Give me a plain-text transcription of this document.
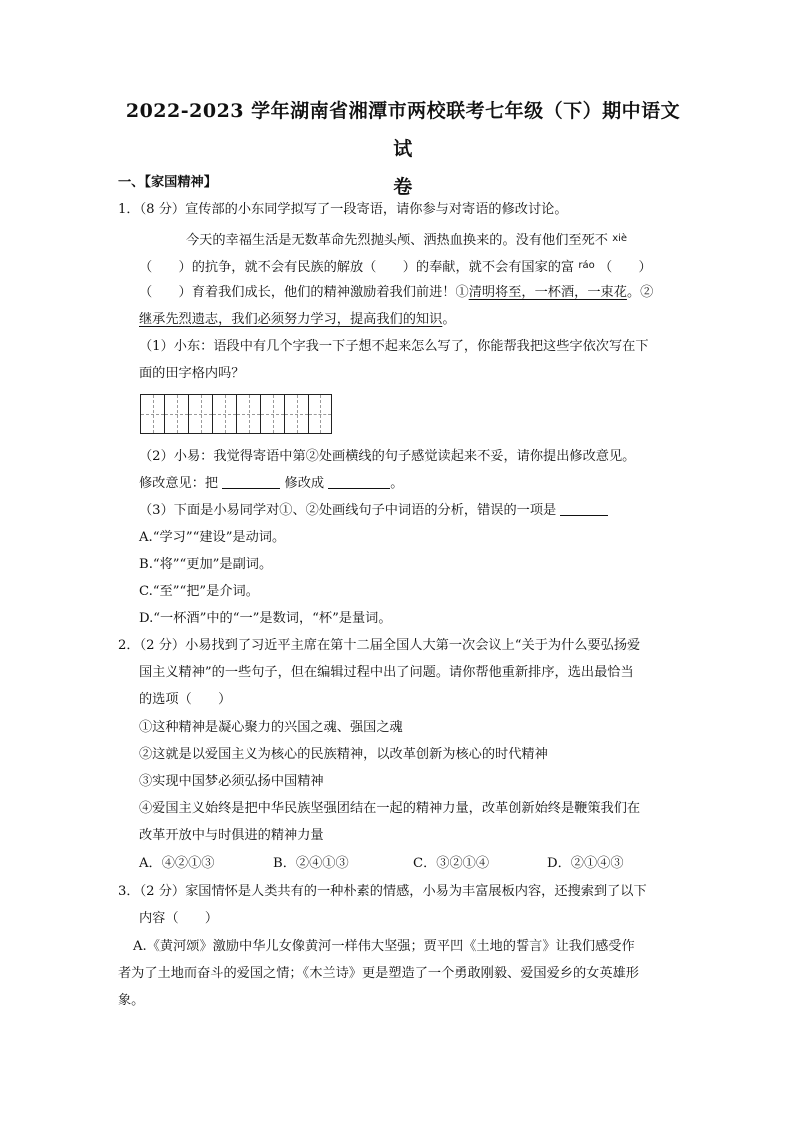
2022-2023 学年湖南省湘潭市两校联考七年级（下）期中语文试
卷
一、【家国精神】
1．（8 分）宣传部的小东同学拟写了一段寄语，请你参与对寄语的修改讨论。
今天的幸福生活是无数革命先烈抛头颅、洒热血换来的。没有他们至死不 $^{xiè}$
（　　）的抗争，就不会有民族的解放（　　）的奉献，就不会有国家的富 $^{ráo}$ （　　）
（　　）育着我们成长，他们的精神激励着我们前进！①清明将至，一杯酒，一束花。②
继承先烈遗志，我们必须努力学习，提高我们的知识。
（1）小东：语段中有几个字我一下子想不起来怎么写了，你能帮我把这些字依次写在下
面的田字格内吗？
（2）小易：我觉得寄语中第②处画横线的句子感觉读起来不妥，请你提出修改意见。
修改意见：把	修改成	。
（3）下面是小易同学对①、②处画线句子中词语的分析，错误的一项是
A.“学习”“建设”是动词。
B.“将”“更加”是副词。
C.“至”“把”是介词。
D.“一杯酒”中的“一”是数词，“杯”是量词。
2．（2 分）小易找到了习近平主席在第十二届全国人大第一次会议上“关于为什么要弘扬爱
国主义精神”的一些句子，但在编辑过程中出了问题。请你帮他重新排序，选出最恰当
的选项（　　）
①这种精神是凝心聚力的兴国之魂、强国之魂
②这就是以爱国主义为核心的民族精神，以改革创新为核心的时代精神
③实现中国梦必须弘扬中国精神
④爱国主义始终是把中华民族坚强团结在一起的精神力量，改革创新始终是鞭策我们在
改革开放中与时俱进的精神力量
A．④②①③	B．②④①③	C．③②①④	D．②①④③
3．（2 分）家国情怀是人类共有的一种朴素的情感，小易为丰富展板内容，还搜索到了以下
内容（　　）
A.《黄河颂》激励中华儿女像黄河一样伟大坚强；贾平凹《土地的誓言》让我们感受作
者为了土地而奋斗的爱国之情；《木兰诗》更是塑造了一个勇敢刚毅、爱国爱乡的女英雄形
象。
